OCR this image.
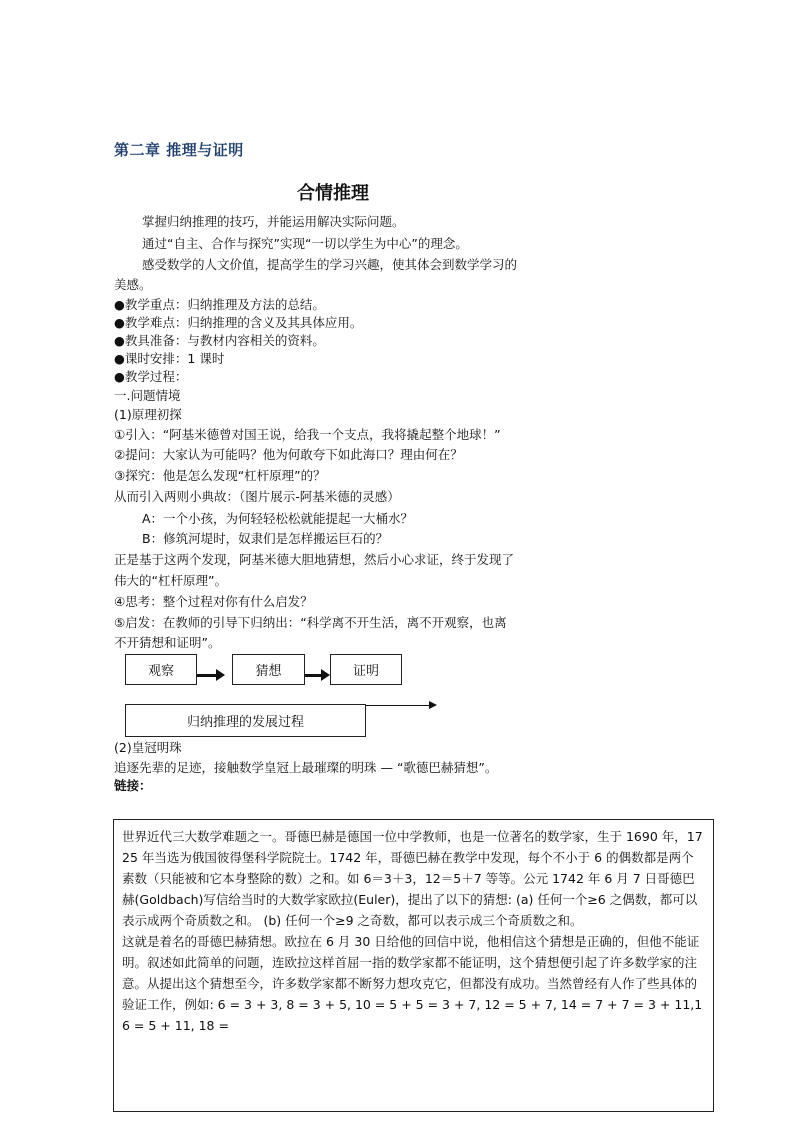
第二章 推理与证明
合情推理
掌握归纳推理的技巧，并能运用解决实际问题。
通过“自主、合作与探究”实现“一切以学生为中心”的理念。
感受数学的人文价值，提高学生的学习兴趣，使其体会到数学学习的
美感。
●教学重点：归纳推理及方法的总结。
●教学难点：归纳推理的含义及其具体应用。
●教具准备：与教材内容相关的资料。
●课时安排：1 课时
●教学过程：
一.问题情境
(1)原理初探
①引入：“阿基米德曾对国王说，给我一个支点，我将撬起整个地球！”
②提问：大家认为可能吗？他为何敢夸下如此海口？理由何在？
③探究：他是怎么发现“杠杆原理”的？
从而引入两则小典故：（图片展示-阿基米德的灵感）
A：一个小孩，为何轻轻松松就能提起一大桶水？
B：修筑河堤时，奴隶们是怎样搬运巨石的？
正是基于这两个发现，阿基米德大胆地猜想，然后小心求证，终于发现了
伟大的“杠杆原理”。
④思考：整个过程对你有什么启发？
⑤启发：在教师的引导下归纳出：“科学离不开生活，离不开观察，也离
不开猜想和证明”。
观察	猜想	证明
归纳推理的发展过程
(2)皇冠明珠
追逐先辈的足迹，接触数学皇冠上最璀璨的明珠 — “歌德巴赫猜想”。
链接：

世界近代三大数学难题之一。哥德巴赫是德国一位中学教师，也是一位著名的数学家，生于 1690 年，1725 年当选为俄国彼得堡科学院院士。1742 年，哥德巴赫在教学中发现，每个不小于 6 的偶数都是两个素数（只能被和它本身整除的数）之和。如 6＝3＋3，12＝5＋7 等等。公元 1742 年 6 月 7 日哥德巴赫(Goldbach)写信给当时的大数学家欧拉(Euler)，提出了以下的猜想: (a) 任何一个≥6 之偶数，都可以表示成两个奇质数之和。 (b) 任何一个≥9 之奇数，都可以表示成三个奇质数之和。

这就是着名的哥德巴赫猜想。欧拉在 6 月 30 日给他的回信中说，他相信这个猜想是正确的，但他不能证明。叙述如此简单的问题，连欧拉这样首屈一指的数学家都不能证明，这个猜想便引起了许多数学家的注意。从提出这个猜想至今，许多数学家都不断努力想攻克它，但都没有成功。当然曾经有人作了些具体的验证工作，例如: 6 = 3 + 3, 8 = 3 + 5, 10 = 5 + 5 = 3 + 7, 12 = 5 + 7, 14 = 7 + 7 = 3 + 11,16 = 5 + 11, 18 =
